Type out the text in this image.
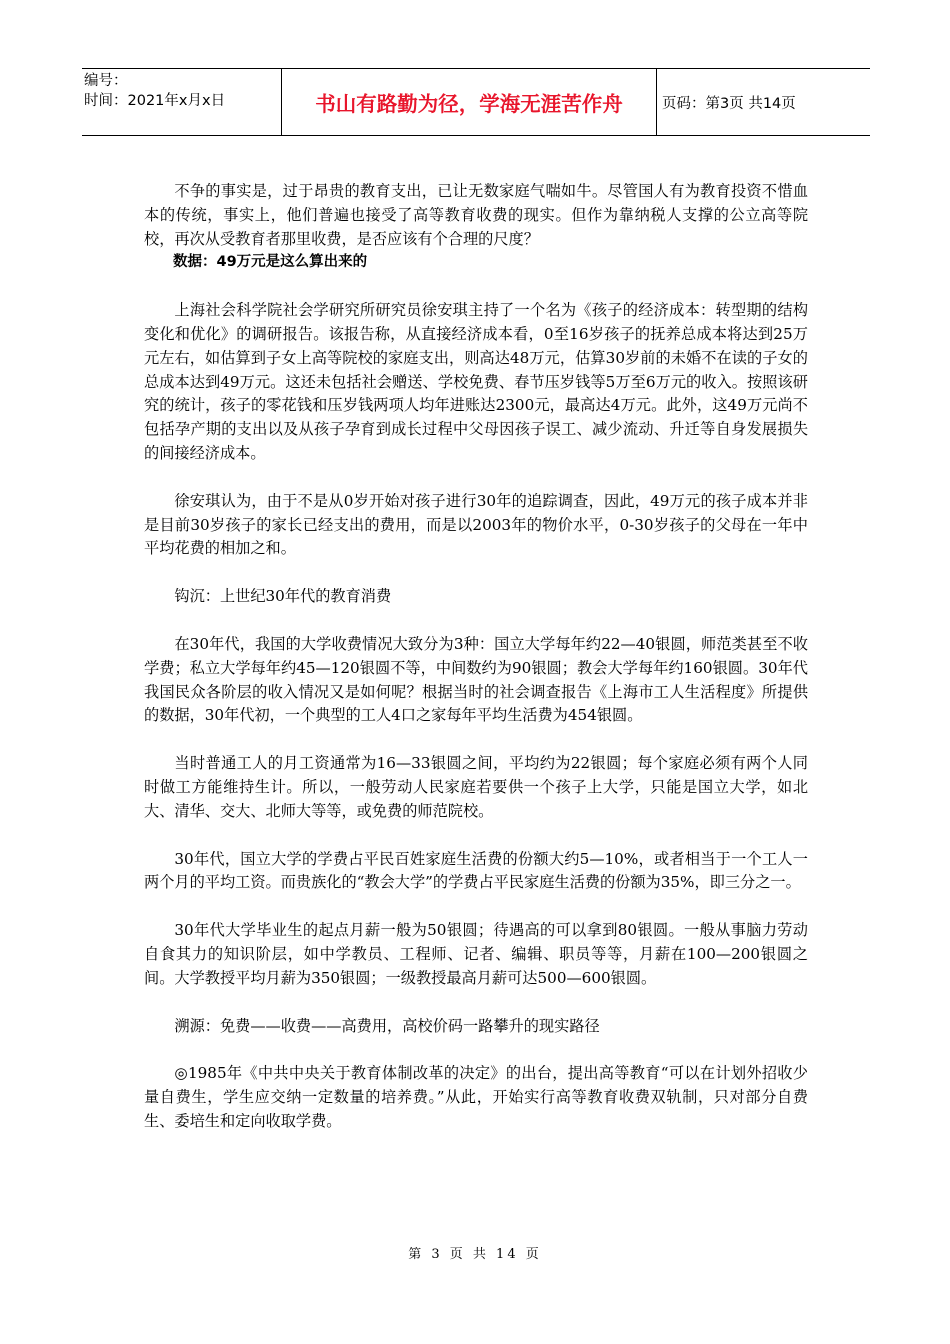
编号：
时间：2021年x月x日	书山有路勤为径，学海无涯苦作舟	页码：第3页 共14页

不争的事实是，过于昂贵的教育支出，已让无数家庭气喘如牛。尽管国人有为教育投资不惜血本的传统，事实上，他们普遍也接受了高等教育收费的现实。但作为靠纳税人支撑的公立高等院校，再次从受教育者那里收费，是否应该有个合理的尺度？

数据：49万元是这么算出来的

上海社会科学院社会学研究所研究员徐安琪主持了一个名为《孩子的经济成本：转型期的结构变化和优化》的调研报告。该报告称，从直接经济成本看，0至16岁孩子的抚养总成本将达到25万元左右，如估算到子女上高等院校的家庭支出，则高达48万元，估算30岁前的未婚不在读的子女的总成本达到49万元。这还未包括社会赠送、学校免费、春节压岁钱等5万至6万元的收入。按照该研究的统计，孩子的零花钱和压岁钱两项人均年进账达2300元，最高达4万元。此外，这49万元尚不包括孕产期的支出以及从孩子孕育到成长过程中父母因孩子误工、减少流动、升迁等自身发展损失的间接经济成本。

徐安琪认为，由于不是从0岁开始对孩子进行30年的追踪调查，因此，49万元的孩子成本并非是目前30岁孩子的家长已经支出的费用，而是以2003年的物价水平，0-30岁孩子的父母在一年中平均花费的相加之和。

钩沉：上世纪30年代的教育消费

在30年代，我国的大学收费情况大致分为3种：国立大学每年约22—40银圆，师范类甚至不收学费；私立大学每年约45—120银圆不等，中间数约为90银圆；教会大学每年约160银圆。30年代我国民众各阶层的收入情况又是如何呢？根据当时的社会调查报告《上海市工人生活程度》所提供的数据，30年代初，一个典型的工人4口之家每年平均生活费为454银圆。

当时普通工人的月工资通常为16—33银圆之间，平均约为22银圆；每个家庭必须有两个人同时做工方能维持生计。所以，一般劳动人民家庭若要供一个孩子上大学，只能是国立大学，如北大、清华、交大、北师大等等，或免费的师范院校。

30年代，国立大学的学费占平民百姓家庭生活费的份额大约5—10%，或者相当于一个工人一两个月的平均工资。而贵族化的“教会大学”的学费占平民家庭生活费的份额为35%，即三分之一。

30年代大学毕业生的起点月薪一般为50银圆；待遇高的可以拿到80银圆。一般从事脑力劳动自食其力的知识阶层，如中学教员、工程师、记者、编辑、职员等等，月薪在100—200银圆之间。大学教授平均月薪为350银圆；一级教授最高月薪可达500—600银圆。

溯源：免费——收费——高费用，高校价码一路攀升的现实路径

◎1985年《中共中央关于教育体制改革的决定》的出台，提出高等教育“可以在计划外招收少量自费生，学生应交纳一定数量的培养费。”从此，开始实行高等教育收费双轨制，只对部分自费生、委培生和定向收取学费。

第 3 页 共 14 页
